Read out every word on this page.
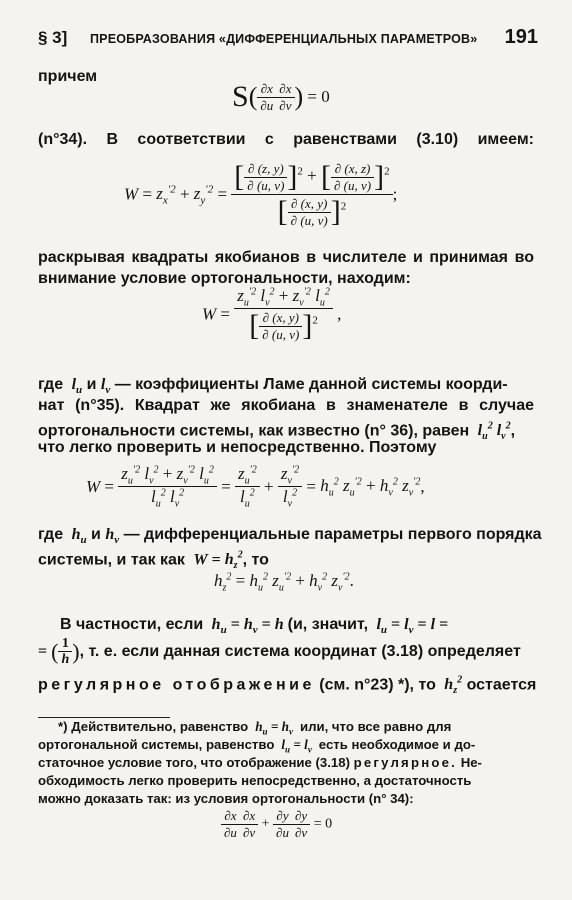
§ 3] ПРЕОБРАЗОВАНИЯ «ДИФФЕРЕНЦИАЛЬНЫХ ПАРАМЕТРОВ» 191

причем

$S( \frac{\partial x}{\partial u} \frac{\partial x}{\partial v}$ ) = 0

(n°34). В соответствии с равенствами (3.10) имеем:

$W = z_x^{'2} + z_y^{'2} = \frac{[ \frac{\partial (z, y)}{\partial (u, v)} ]^2 + [ \frac{\partial (x, z)}{\partial (u, v)} ]^2}{[ \frac{\partial (x, y)}{\partial (u, v)} ]^2}$ ;

раскрывая квадраты якобианов в числителе и принимая во

внимание условие ортогональности, находим:

$W = \frac{z_u^{'2} l_v^2 + z_v^{'2} l_u^2}{[ \frac{\partial (x, y)}{\partial (u, v)} ]^2}$ ,

где  $l_u$ и $l_v$ — коэффициенты Ламе данной системы коорди-

нат (n°35). Квадрат же якобиана в знаменателе в случае

ортогональности системы, как известно (n° 36), равен  $l_u^2$ $l_v^2$,

что легко проверить и непосредственно. Поэтому

$W = \frac{z_u^{'2} l_v^2 + z_v^{'2} l_u^2}{l_u^2 l_v^2} = \frac{z_u^{'2}}{l_u^2} + \frac{z_v^{'2}}{l_v^2} = h_u^2$ $z_u^{'2} + h_v^2$ $z_v^{'2}$,

где  $h_u$ и $h_v$ — дифференциальные параметры первого порядка

системы, и так как  $W = h_z^2$, то

$h_z^2 = h_u^2$ $z_u^{'2} + h_v^2$ $z_v^{'2}$.

В частности, если  $h_u = h_v = h$ (и, значит,  $l_u = l_v = l$ =

= ( $\frac{1}{h}$ ), т. е. если данная система координат (3.18) определяет

регулярное отображение (см. n°23) *), то  $h_z^2$ остается

*) Действительно, равенство  $h_u = h_v$ или, что все равно для

ортогональной системы, равенство  $l_u = l_v$ есть необходимое и до-

статочное условие того, что отображение (3.18) регулярное. Не-

обходимость легко проверить непосредственно, а достаточность

можно доказать так: из условия ортогональности (n° 34):

$\frac{\partial x}{\partial u} \frac{\partial x}{\partial v} + \frac{\partial y}{\partial u} \frac{\partial y}{\partial v} = 0$
